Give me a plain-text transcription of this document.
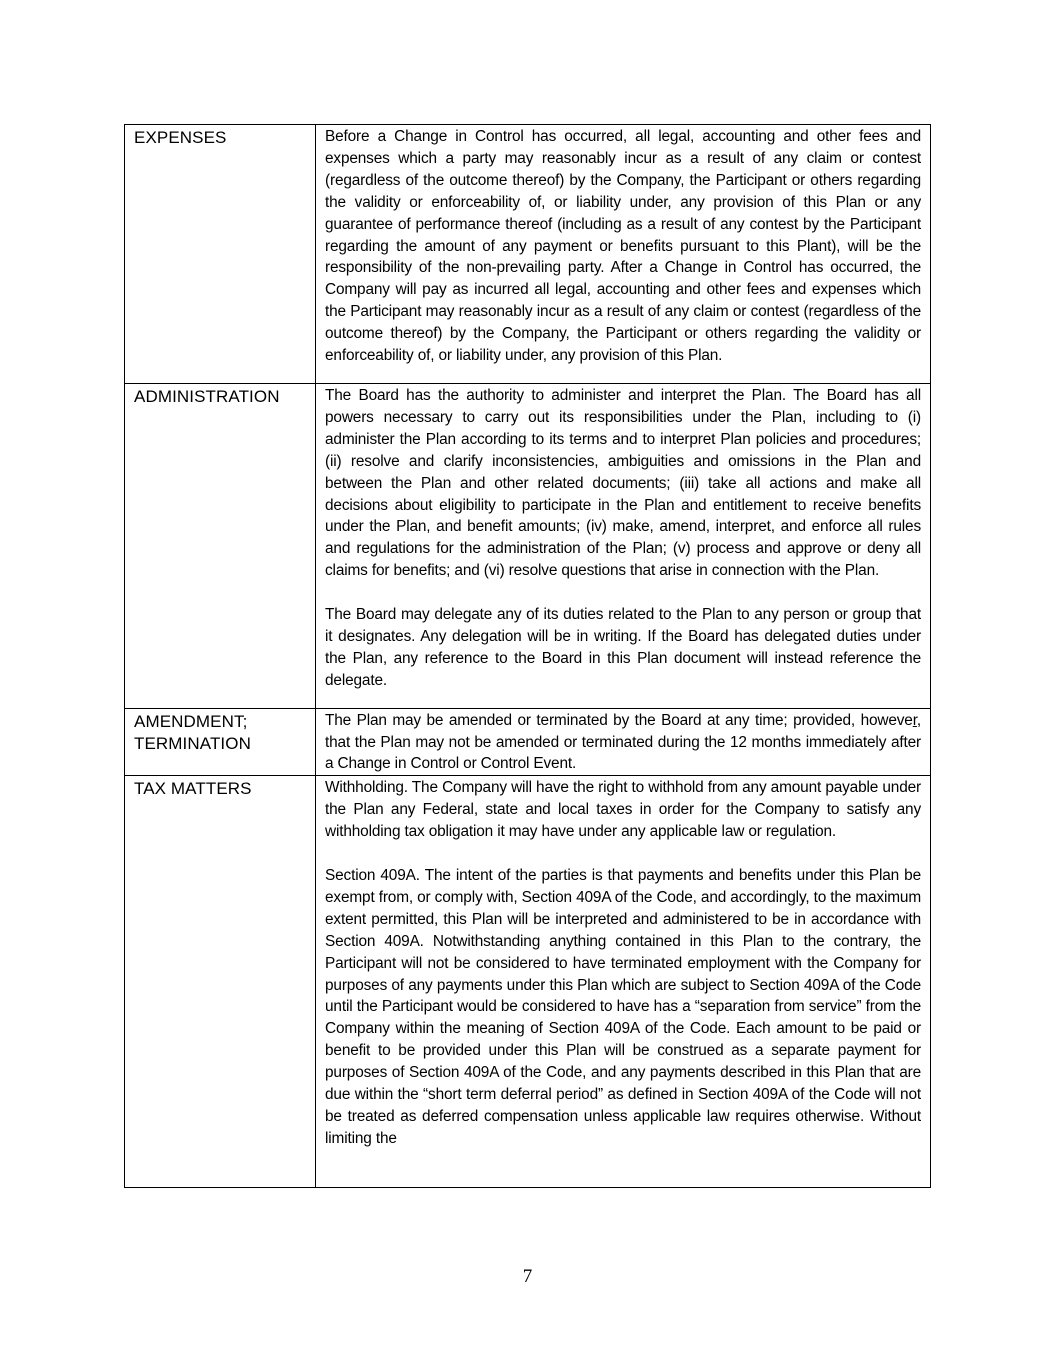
EXPENSES	Before a Change in Control has occurred, all legal, accounting and other fees and expenses which a party may reasonably incur as a result of any claim or contest (regardless of the outcome thereof) by the Company, the Participant or others regarding the validity or enforceability of, or liability under, any provision of this Plan or any guarantee of performance thereof (including as a result of any contest by the Participant regarding the amount of any payment or benefits pursuant to this Plant), will be the responsibility of the non-prevailing party. After a Change in Control has occurred, the Company will pay as incurred all legal, accounting and other fees and expenses which the Participant may reasonably incur as a result of any claim or contest (regardless of the outcome thereof) by the Company, the Participant or others regarding the validity or enforceability of, or liability under, any provision of this Plan.

ADMINISTRATION	The Board has the authority to administer and interpret the Plan. The Board has all powers necessary to carry out its responsibilities under the Plan, including to (i) administer the Plan according to its terms and to interpret Plan policies and procedures; (ii) resolve and clarify inconsistencies, ambiguities and omissions in the Plan and between the Plan and other related documents; (iii) take all actions and make all decisions about eligibility to participate in the Plan and entitlement to receive benefits under the Plan, and benefit amounts; (iv) make, amend, interpret, and enforce all rules and regulations for the administration of the Plan; (v) process and approve or deny all claims for benefits; and (vi) resolve questions that arise in connection with the Plan.

The Board may delegate any of its duties related to the Plan to any person or group that it designates. Any delegation will be in writing. If the Board has delegated duties under the Plan, any reference to the Board in this Plan document will instead reference the delegate.

AMENDMENT;
TERMINATION	The Plan may be amended or terminated by the Board at any time; provided, however, that the Plan may not be amended or terminated during the 12 months immediately after a Change in Control or Control Event.

TAX MATTERS	Withholding. The Company will have the right to withhold from any amount payable under the Plan any Federal, state and local taxes in order for the Company to satisfy any withholding tax obligation it may have under any applicable law or regulation.

Section 409A. The intent of the parties is that payments and benefits under this Plan be exempt from, or comply with, Section 409A of the Code, and accordingly, to the maximum extent permitted, this Plan will be interpreted and administered to be in accordance with Section 409A. Notwithstanding anything contained in this Plan to the contrary, the Participant will not be considered to have terminated employment with the Company for purposes of any payments under this Plan which are subject to Section 409A of the Code until the Participant would be considered to have has a “separation from service” from the Company within the meaning of Section 409A of the Code. Each amount to be paid or benefit to be provided under this Plan will be construed as a separate payment for purposes of Section 409A of the Code, and any payments described in this Plan that are due within the “short term deferral period” as defined in Section 409A of the Code will not be treated as deferred compensation unless applicable law requires otherwise. Without limiting the

7
